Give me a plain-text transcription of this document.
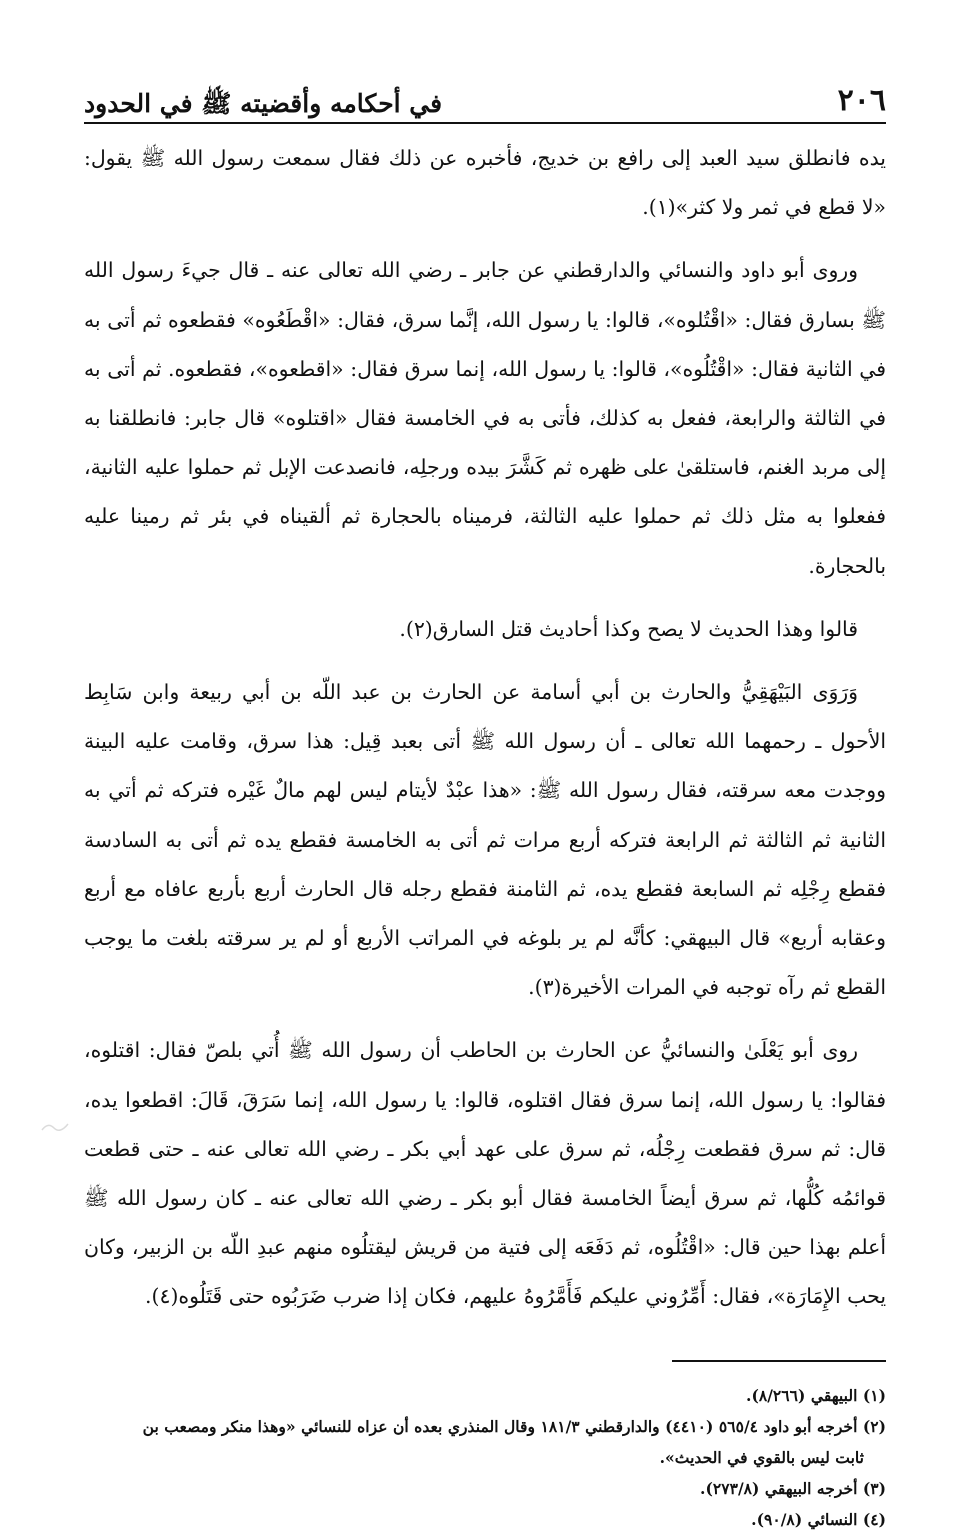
٢٠٦
في أحكامه وأقضيته ﷺ في الحدود

يده فانطلق سيد العبد إلى رافع بن خديج، فأخبره عن ذلك فقال سمعت رسول الله ﷺ يقول: «لا قطع في ثمر ولا كثر»(١).

وروى أبو داود والنسائي والدارقطني عن جابر ـ رضي الله تعالى عنه ـ قال جيءَ رسول الله ﷺ بسارق فقال: «اقْتُلوه»، قالوا: يا رسول الله، إنَّما سرق، فقال: «اقْطَعُوه» فقطعوه ثم أتى به في الثانية فقال: «اقْتُلُوه»، قالوا: يا رسول الله، إنما سرق فقال: «اقطعوه»، فقطعوه. ثم أتى به في الثالثة والرابعة، ففعل به كذلك، فأتى به في الخامسة فقال «اقتلوه» قال جابر: فانطلقنا به إلى مربد الغنم، فاستلقىٰ على ظهره ثم كَشَّرَ بيده ورجلِه، فانصدعت الإبل ثم حملوا عليه الثانية، ففعلوا به مثل ذلك ثم حملوا عليه الثالثة، فرميناه بالحجارة ثم ألقيناه في بئر ثم رمينا عليه بالحجارة.

قالوا وهذا الحديث لا يصح وكذا أحاديث قتل السارق(٢).

وَرَوَى البَيْهَقِيُّ والحارث بن أبي أسامة عن الحارث بن عبد اللّه بن أبي ربيعة وابن سَابِط الأحول ـ رحمهما الله تعالى ـ أن رسول الله ﷺ أتى بعبد قِيل: هذا سرق، وقامت عليه البينة ووجدت معه سرقته، فقال رسول الله ﷺ: «هذا عبْدٌ لأيتام ليس لهم مالٌ غَيْره فتركه ثم أتي به الثانية ثم الثالثة ثم الرابعة فتركه أربع مرات ثم أتى به الخامسة فقطع يده ثم أتى به السادسة فقطع رِجْلِه ثم السابعة فقطع يده، ثم الثامنة فقطع رجله قال الحارث أربع بأربع عافاه مع أربع وعقابه أربع» قال البيهقي: كأنَّه لم ير بلوغه في المراتب الأربع أو لم ير سرقته بلغت ما يوجب القطع ثم رآه توجبه في المرات الأخيرة(٣).

روى أبو يَعْلَىٰ والنسائيُّ عن الحارث بن الحاطب أن رسول الله ﷺ أُتي بلصّ فقال: اقتلوه، فقالوا: يا رسول الله، إنما سرق فقال اقتلوه، قالوا: يا رسول الله، إنما سَرَقَ، قَالَ: اقطعوا يده، قال: ثم سرق فقطعت رِجْلُه، ثم سرق على عهد أبي بكر ـ رضي الله تعالى عنه ـ حتى قطعت قوائمُه كُلُّها، ثم سرق أيضاً الخامسة فقال أبو بكر ـ رضي الله تعالى عنه ـ كان رسول الله ﷺ أعلم بهذا حين قال: «اقْتُلُوه، ثم دَفَعَه إلى فتية من قريش ليقتلُوه منهم عبدِ اللّه بن الزبير، وكان يحب الإِمَارَة»، فقال: أَمِّرُوني عليكم فَأَمَّرُوهُ عليهم، فكان إذا ضرب ضَرَبُوه حتى قَتَلُوه(٤).

(١) البيهقي (٨/٢٦٦).

(٢) أخرجه أبو داود ٥٦٥/٤ (٤٤١٠) والدارقطني ١٨١/٣ وقال المنذري بعده أن عزاه للنسائي «وهذا منكر ومصعب بن

ثابت ليس بالقوي في الحديث».

(٣) أخرجه البيهقي (٢٧٣/٨).

(٤) النسائي (٩٠/٨).
